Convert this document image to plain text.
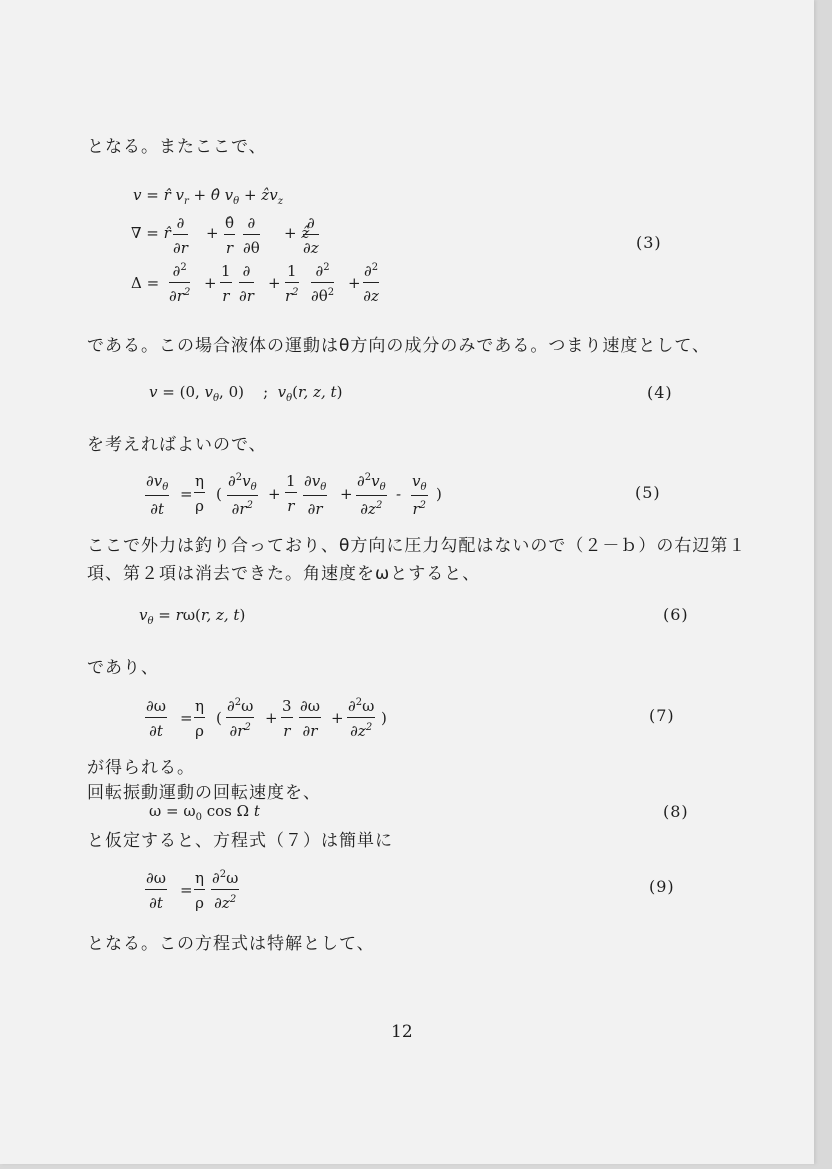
となる。またここで、
v = r̂ $v_r$ + θ̂ $v_\theta$ + ẑv$_z$
∇ = r̂
∂
∂r
+ $\frac{\thetâ}{r}$ ∂
∂θ
+ ẑ
∂
∂z
$\Delta = \frac{\partial^2}{\partial r^2} + \frac{1}{r}$ ∂
∂r
+ $\frac{1}{r^2} \frac{\partial^2}{\partial\theta^2} + \frac{\partial^2}{\partial z}$
(3)
である。この場合液体の運動はθ方向の成分のみである。つまり速度として、
v = (0, $v_\theta$, 0) ;  $v_\theta(r$, z, t)	(4)
を考えればよいので、
$\frac{\partial v_\theta}{\partial t} = \frac{\eta}{\rho}$ ( $\frac{\partial^2v_\theta}{\partial r^2} + \frac{1}{r} \frac{\partial v_\theta}{\partial r} + \frac{\partial^2v_\theta}{\partial z^2} - \frac{v_\theta}{r^2}$ )	(5)
ここで外力は釣り合っており、θ方向に圧力勾配はないので（２－ｂ）の右辺第１
項、第２項は消去できた。角速度をωとすると、
$v_\theta = r\omega(r$, z, t)	(6)
であり、
$\frac{\partial\omega}{\partial t} = \frac{\eta}{\rho}$ ( $\frac{\partial^2\omega}{\partial r^2} + \frac{3}{r} \frac{\partial\omega}{\partial r} + \frac{\partial^2\omega}{\partial z^2}$ )	(7)
が得られる。
回転振動運動の回転速度を、
$\omega = \omega_0$ cos Ω t	(8)
と仮定すると、方程式（７）は簡単に
$\frac{\partial\omega}{\partial t} = \frac{\eta}{\rho} \frac{\partial^2\omega}{\partial z^2}$	(9)
となる。この方程式は特解として、
12
